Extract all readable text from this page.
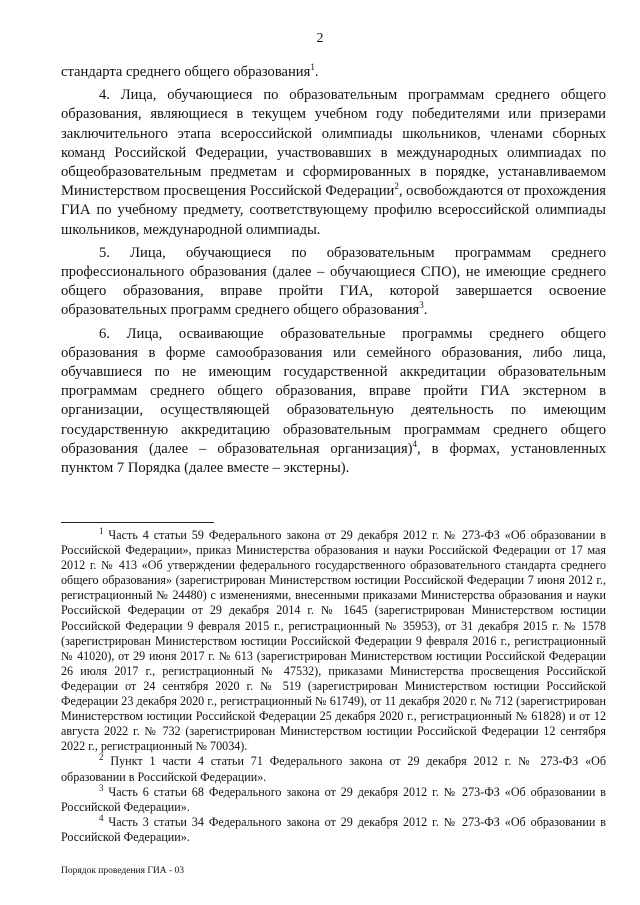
2

стандарта среднего общего образования$^1$.

4. Лица, обучающиеся по образовательным программам среднего общего образования, являющиеся в текущем учебном году победителями или призерами заключительного этапа всероссийской олимпиады школьников, членами сборных команд Российской Федерации, участвовавших в международных олимпиадах по общеобразовательным предметам и сформированных в порядке, устанавливаемом Министерством просвещения Российской Федерации$^2$, освобождаются от прохождения ГИА по учебному предмету, соответствующему профилю всероссийской олимпиады школьников, международной олимпиады.

5. Лица, обучающиеся по образовательным программам среднего профессионального образования (далее – обучающиеся СПО), не имеющие среднего общего образования, вправе пройти ГИА, которой завершается освоение образовательных программ среднего общего образования$^3$.

6. Лица, осваивающие образовательные программы среднего общего образования в форме самообразования или семейного образования, либо лица, обучавшиеся по не имеющим государственной аккредитации образовательным программам среднего общего образования, вправе пройти ГИА экстерном в организации, осуществляющей образовательную деятельность по имеющим государственную аккредитацию образовательным программам среднего общего образования (далее – образовательная организация)$^4$, в формах, установленных пунктом 7 Порядка (далее вместе – экстерны).

$^1$ Часть 4 статьи 59 Федерального закона от 29 декабря 2012 г. № 273-ФЗ «Об образовании в Российской Федерации», приказ Министерства образования и науки Российской Федерации от 17 мая 2012 г. № 413 «Об утверждении федерального государственного образовательного стандарта среднего общего образования» (зарегистрирован Министерством юстиции Российской Федерации 7 июня 2012 г., регистрационный № 24480) с изменениями, внесенными приказами Министерства образования и науки Российской Федерации от 29 декабря 2014 г. № 1645 (зарегистрирован Министерством юстиции Российской Федерации 9 февраля 2015 г., регистрационный № 35953), от 31 декабря 2015 г. № 1578 (зарегистрирован Министерством юстиции Российской Федерации 9 февраля 2016 г., регистрационный № 41020), от 29 июня 2017 г. № 613 (зарегистрирован Министерством юстиции Российской Федерации 26 июля 2017 г., регистрационный № 47532), приказами Министерства просвещения Российской Федерации от 24 сентября 2020 г. № 519 (зарегистрирован Министерством юстиции Российской Федерации 23 декабря 2020 г., регистрационный № 61749), от 11 декабря 2020 г. № 712 (зарегистрирован Министерством юстиции Российской Федерации 25 декабря 2020 г., регистрационный № 61828) и от 12 августа 2022 г. № 732 (зарегистрирован Министерством юстиции Российской Федерации 12 сентября 2022 г., регистрационный № 70034).

$^2$ Пункт 1 части 4 статьи 71 Федерального закона от 29 декабря 2012 г. № 273-ФЗ «Об образовании в Российской Федерации».

$^3$ Часть 6 статьи 68 Федерального закона от 29 декабря 2012 г. № 273-ФЗ «Об образовании в Российской Федерации».

$^4$ Часть 3 статьи 34 Федерального закона от 29 декабря 2012 г. № 273-ФЗ «Об образовании в Российской Федерации».

Порядок проведения ГИА - 03
